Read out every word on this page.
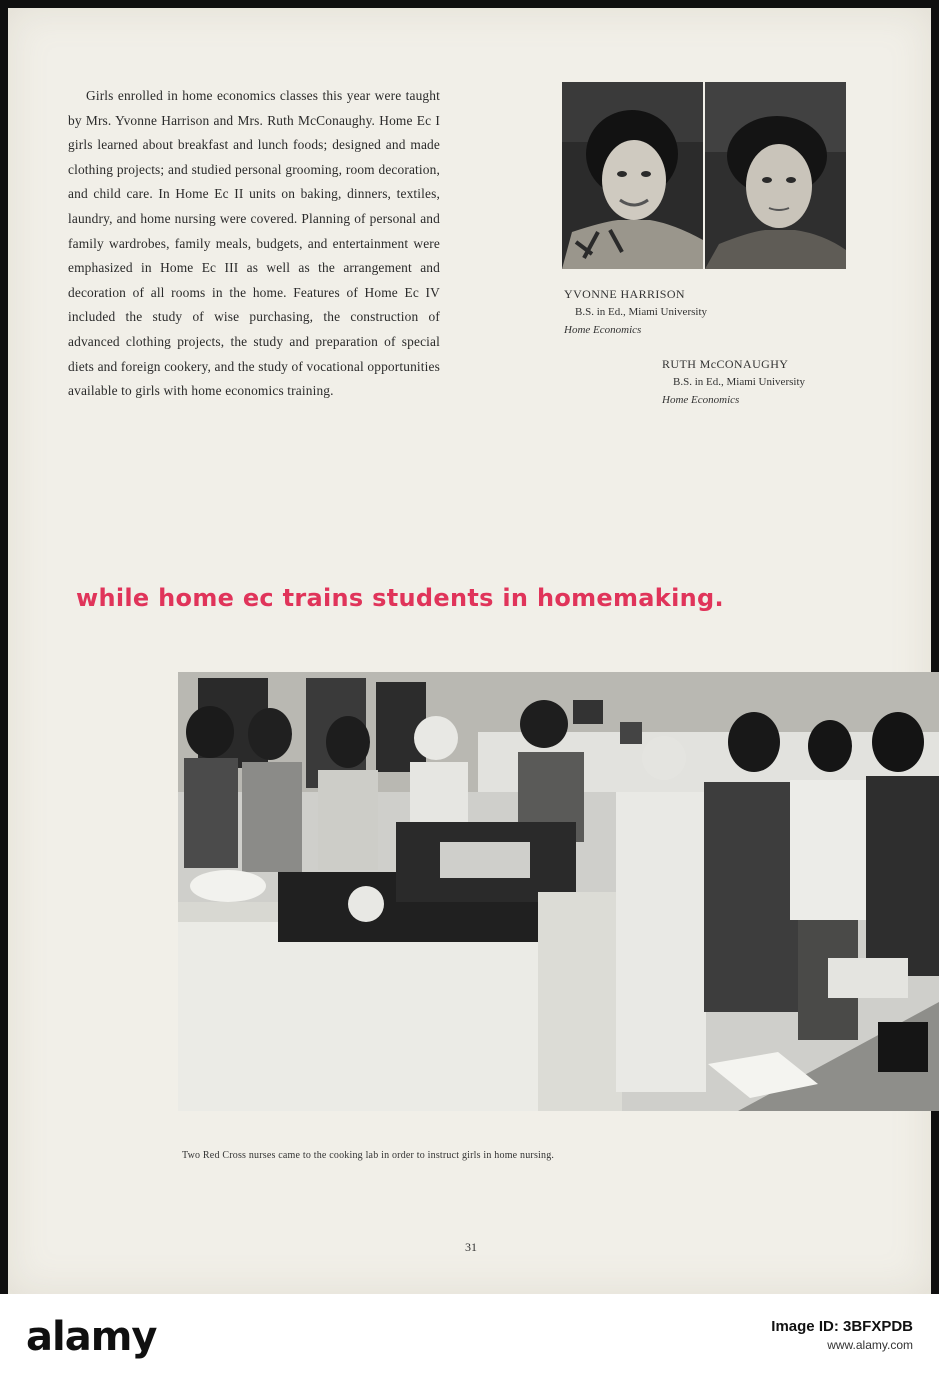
Girls enrolled in home economics classes this year were taught by Mrs. Yvonne Harrison and Mrs. Ruth McConaughy. Home Ec I girls learned about breakfast and lunch foods; designed and made clothing projects; and studied personal grooming, room decoration, and child care. In Home Ec II units on baking, dinners, textiles, laundry, and home nursing were covered. Planning of personal and family wardrobes, family meals, budgets, and entertainment were emphasized in Home Ec III as well as the arrangement and decoration of all rooms in the home. Features of Home Ec IV included the study of wise purchasing, the construction of advanced clothing projects, the study and preparation of special diets and foreign cookery, and the study of vocational opportunities available to girls with home economics training.

YVONNE HARRISON
B.S. in Ed., Miami University
Home Economics
RUTH McCONAUGHY
B.S. in Ed., Miami University
Home Economics
while home ec trains students in homemaking.
Two Red Cross nurses came to the cooking lab in order to instruct girls in home nursing.
31
alamy	Image ID: 3BFXPDB
www.alamy.com
